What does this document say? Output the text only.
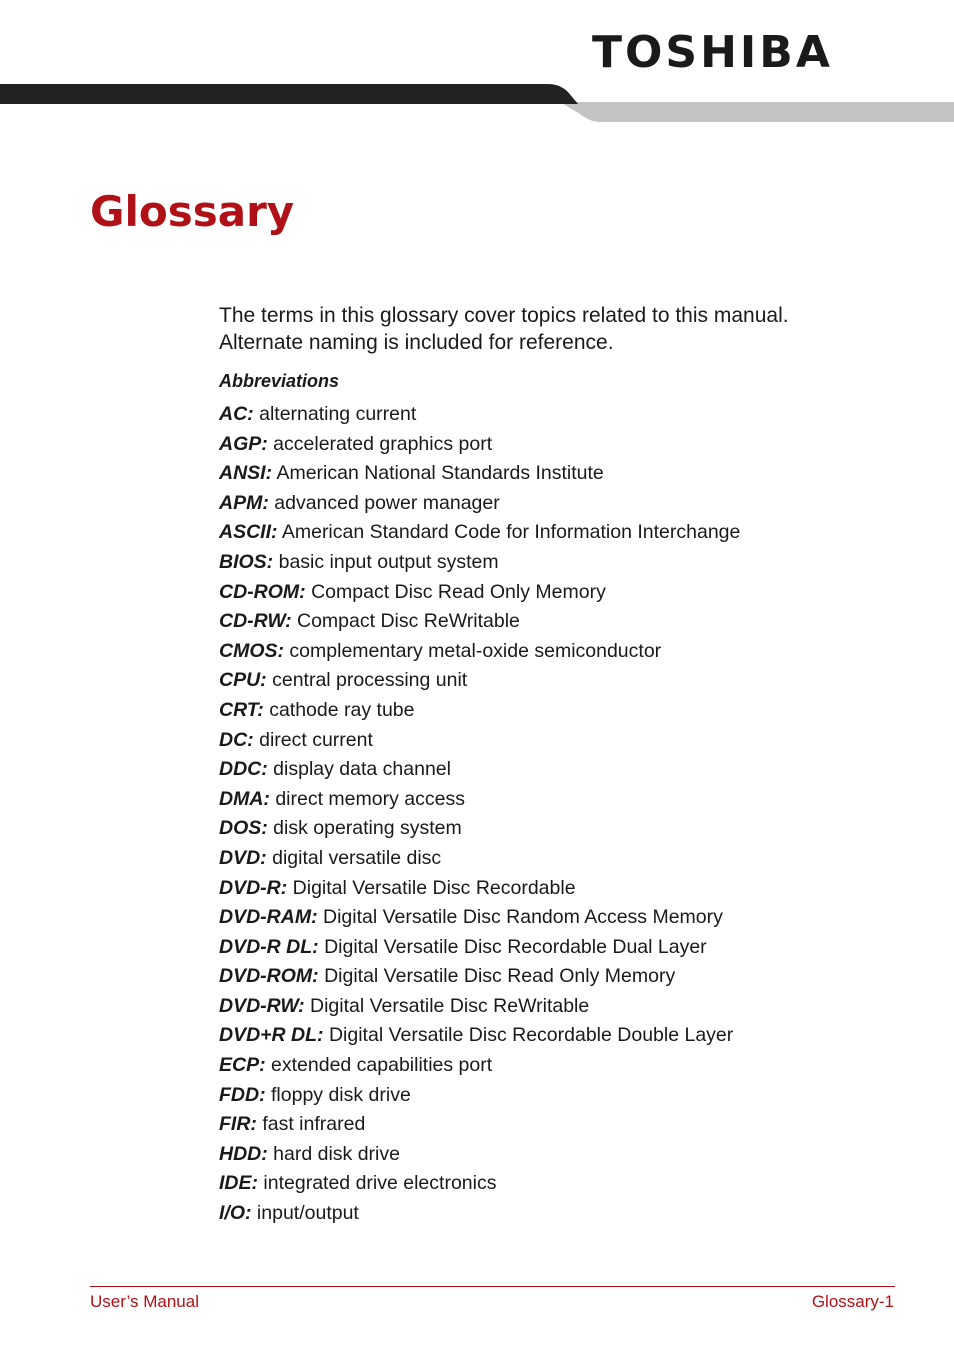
TOSHIBA
Glossary

The terms in this glossary cover topics related to this manual.

Alternate naming is included for reference.

Abbreviations
AC: alternating current
AGP: accelerated graphics port
ANSI: American National Standards Institute
APM: advanced power manager
ASCII: American Standard Code for Information Interchange
BIOS: basic input output system
CD-ROM: Compact Disc Read Only Memory
CD-RW: Compact Disc ReWritable
CMOS: complementary metal-oxide semiconductor
CPU: central processing unit
CRT: cathode ray tube
DC: direct current
DDC: display data channel
DMA: direct memory access
DOS: disk operating system
DVD: digital versatile disc
DVD-R: Digital Versatile Disc Recordable
DVD-RAM: Digital Versatile Disc Random Access Memory
DVD-R DL: Digital Versatile Disc Recordable Dual Layer
DVD-ROM: Digital Versatile Disc Read Only Memory
DVD-RW: Digital Versatile Disc ReWritable
DVD+R DL: Digital Versatile Disc Recordable Double Layer
ECP: extended capabilities port
FDD: floppy disk drive
FIR: fast infrared
HDD: hard disk drive
IDE: integrated drive electronics
I/O: input/output
User’s Manual	Glossary-1
